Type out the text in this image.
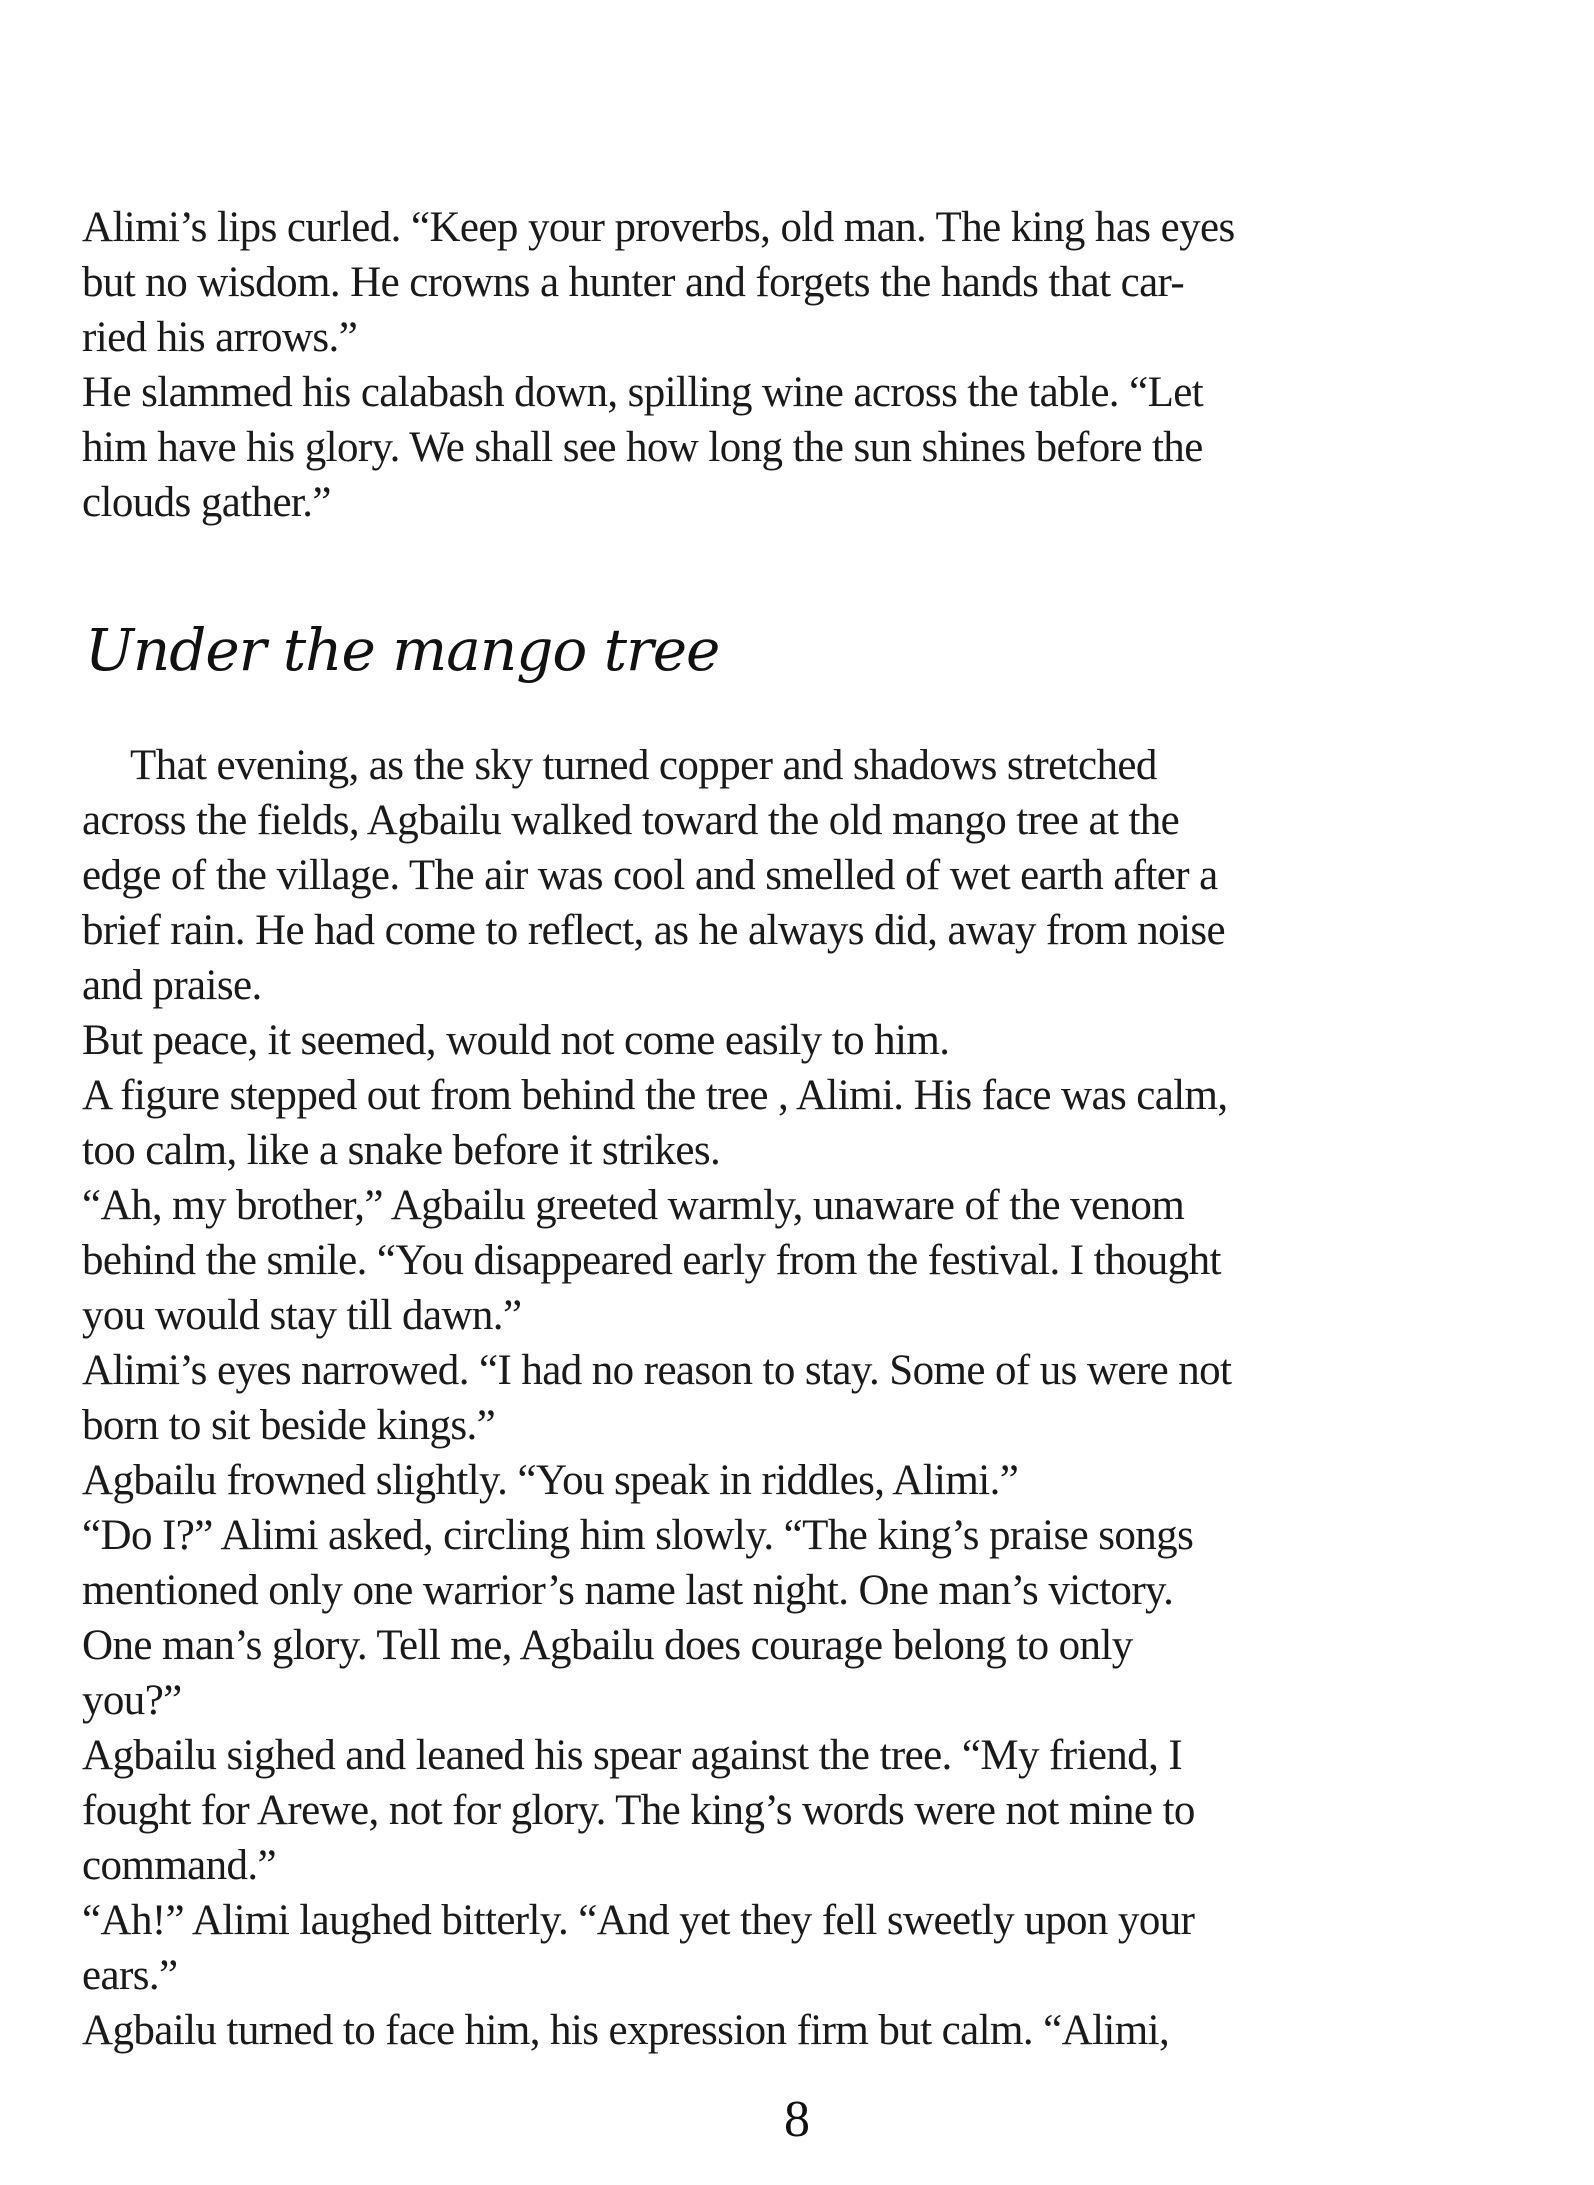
Alimi’s lips curled. “Keep your proverbs, old man. The king has eyes
but no wisdom. He crowns a hunter and forgets the hands that car-
ried his arrows.”
He slammed his calabash down, spilling wine across the table. “Let
him have his glory. We shall see how long the sun shines before the
clouds gather.”
Under the mango tree
That evening, as the sky turned copper and shadows stretched
across the fields, Agbailu walked toward the old mango tree at the
edge of the village. The air was cool and smelled of wet earth after a
brief rain. He had come to reflect, as he always did, away from noise
and praise.
But peace, it seemed, would not come easily to him.
A figure stepped out from behind the tree , Alimi. His face was calm,
too calm, like a snake before it strikes.
“Ah, my brother,” Agbailu greeted warmly, unaware of the venom
behind the smile. “You disappeared early from the festival. I thought
you would stay till dawn.”
Alimi’s eyes narrowed. “I had no reason to stay. Some of us were not
born to sit beside kings.”
Agbailu frowned slightly. “You speak in riddles, Alimi.”
“Do I?” Alimi asked, circling him slowly. “The king’s praise songs
mentioned only one warrior’s name last night. One man’s victory.
One man’s glory. Tell me, Agbailu does courage belong to only
you?”
Agbailu sighed and leaned his spear against the tree. “My friend, I
fought for Arewe, not for glory. The king’s words were not mine to
command.”
“Ah!” Alimi laughed bitterly. “And yet they fell sweetly upon your
ears.”
Agbailu turned to face him, his expression firm but calm. “Alimi,
8
